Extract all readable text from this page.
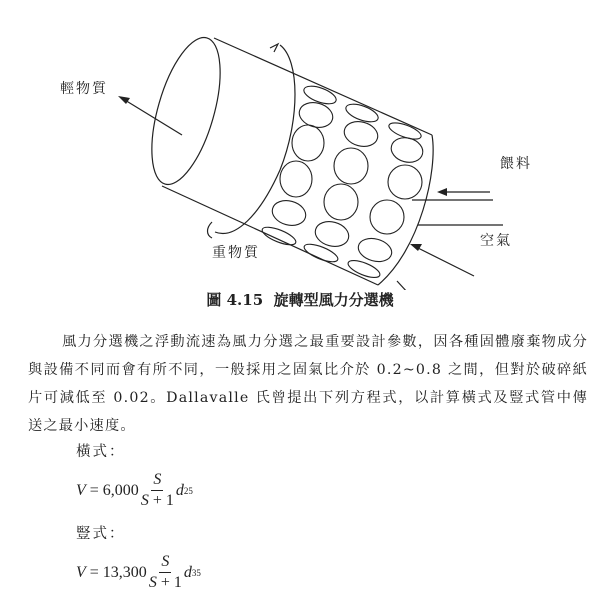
輕物質
重物質
餵料
空氣
圖 4.15 旋轉型風力分選機

風力分選機之浮動流速為風力分選之最重要設計參數，因各種固體廢棄物成分與設備不同而會有所不同，一般採用之固氣比介於 0.2~0.8 之間，但對於破碎紙片可減低至 0.02。Dallavalle 氏曾提出下列方程式，以計算橫式及豎式管中傳送之最小速度。

橫式：
V
= $6,000 \frac{S}{S + 1}$ d 25
豎式：
V
= $13,300 \frac{S}{S + 1}$ d 35
